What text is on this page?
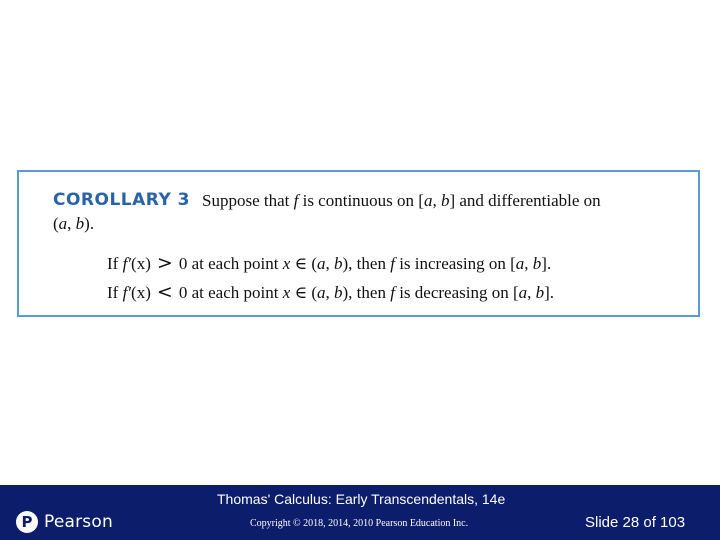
COROLLARY 3 Suppose that f is continuous on [a, b] and differentiable on
(a, b).
If f′(x) > 0 at each point x ∈ (a, b), then f is increasing on [a, b].
If f′(x) < 0 at each point x ∈ (a, b), then f is decreasing on [a, b].
P Pearson
Thomas' Calculus: Early Transcendentals, 14e
Copyright © 2018, 2014, 2010 Pearson Education Inc.	Slide 28 of 103
